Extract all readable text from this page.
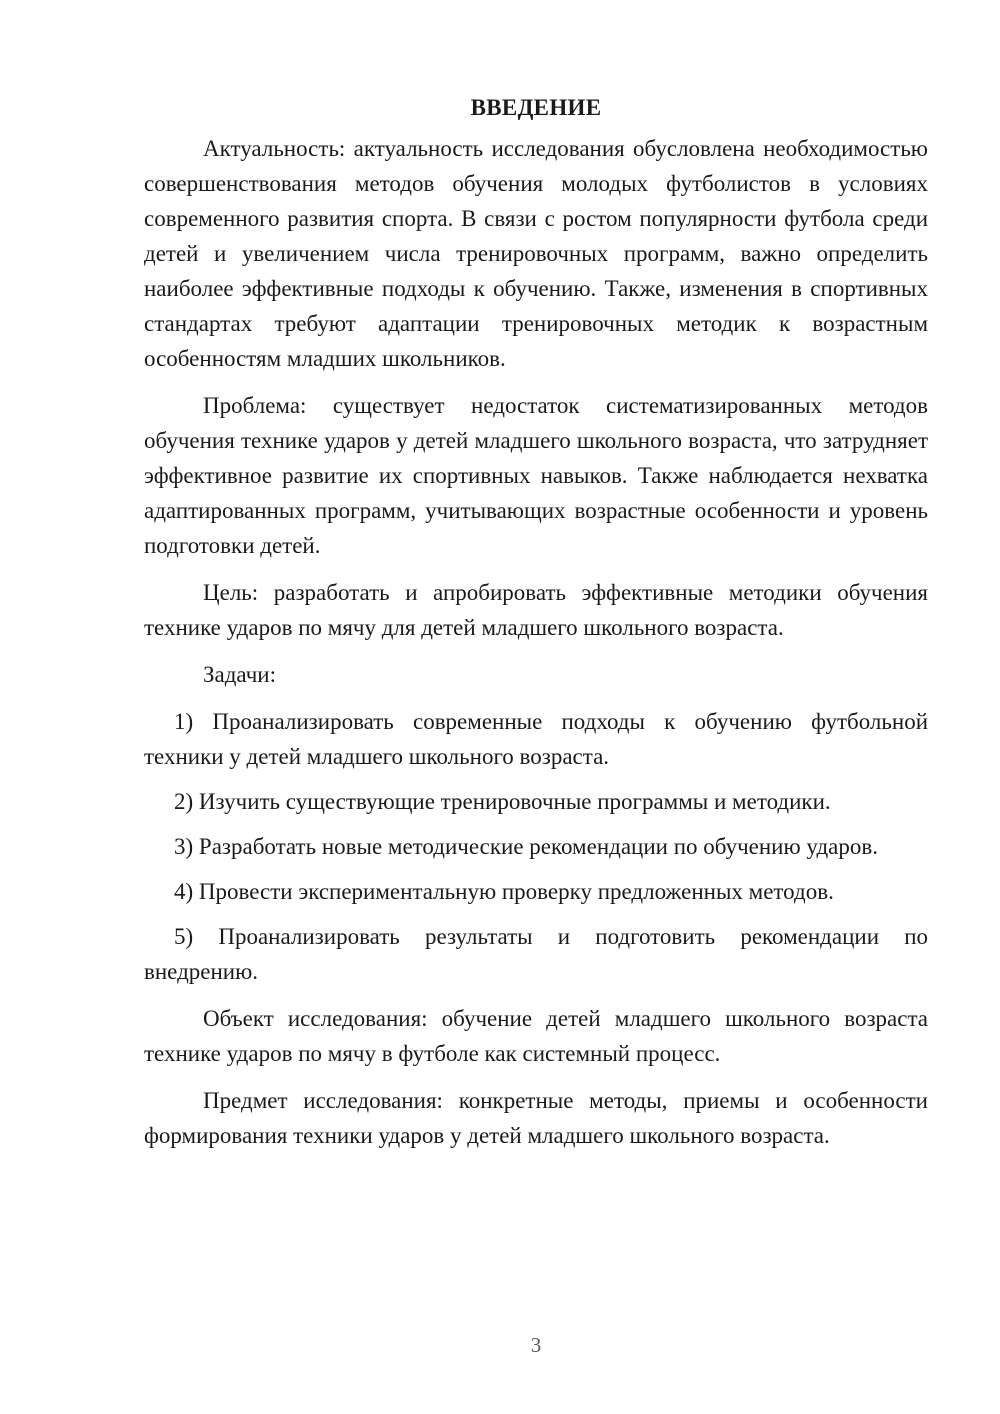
ВВЕДЕНИЕ

Актуальность: актуальность исследования обусловлена необходимостью совершенствования методов обучения молодых футболистов в условиях современного развития спорта. В связи с ростом популярности футбола среди детей и увеличением числа тренировочных программ, важно определить наиболее эффективные подходы к обучению. Также, изменения в спортивных стандартах требуют адаптации тренировочных методик к возрастным особенностям младших школьников.

Проблема: существует недостаток систематизированных методов обучения технике ударов у детей младшего школьного возраста, что затрудняет эффективное развитие их спортивных навыков. Также наблюдается нехватка адаптированных программ, учитывающих возрастные особенности и уровень подготовки детей.

Цель: разработать и апробировать эффективные методики обучения технике ударов по мячу для детей младшего школьного возраста.

Задачи:

1) Проанализировать современные подходы к обучению футбольной техники у детей младшего школьного возраста.

2) Изучить существующие тренировочные программы и методики.

3) Разработать новые методические рекомендации по обучению ударов.

4) Провести экспериментальную проверку предложенных методов.

5) Проанализировать результаты и подготовить рекомендации по внедрению.

Объект исследования: обучение детей младшего школьного возраста технике ударов по мячу в футболе как системный процесс.

Предмет исследования: конкретные методы, приемы и особенности формирования техники ударов у детей младшего школьного возраста.

3
